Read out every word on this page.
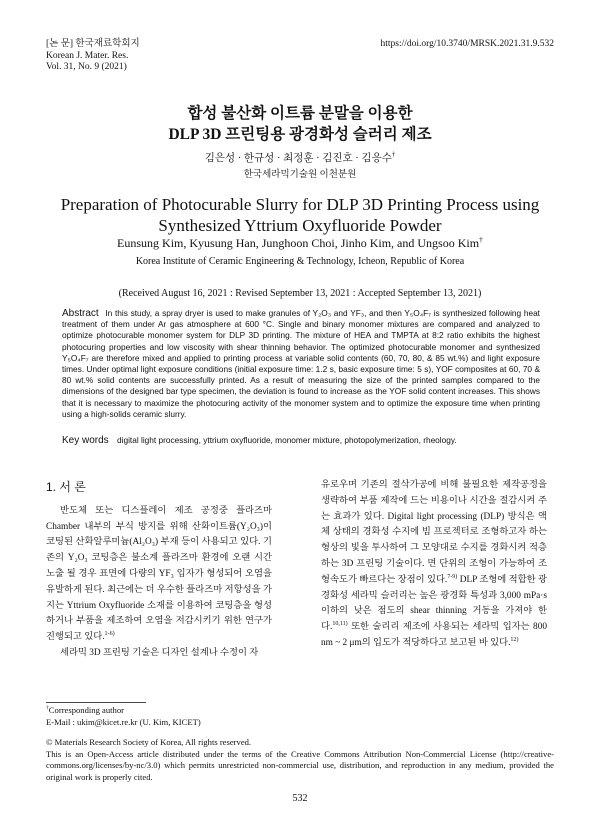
[논 문] 한국재료학회지
Korean J. Mater. Res.
Vol. 31, No. 9 (2021)
https://doi.org/10.3740/MRSK.2021.31.9.532
합성 불산화 이트륨 분말을 이용한
DLP 3D 프린팅용 광경화성 슬러리 제조
김은성 · 한규성 · 최정훈 · 김진호 · 김응수†
한국세라믹기술원 이천분원
Preparation of Photocurable Slurry for DLP 3D Printing Process using
Synthesized Yttrium Oxyfluoride Powder
Eunsung Kim, Kyusung Han, Junghoon Choi, Jinho Kim, and Ungsoo Kim†
Korea Institute of Ceramic Engineering & Technology, Icheon, Republic of Korea
(Received August 16, 2021 : Revised September 13, 2021 : Accepted September 13, 2021)
Abstract In this study, a spray dryer is used to make granules of Y₂O₃ and YF₃, and then Y₅O₄F₇ is synthesized following heat treatment of them under Ar gas atmosphere at 600 °C. Single and binary monomer mixtures are compared and analyzed to optimize photocurable monomer system for DLP 3D printing. The mixture of HEA and TMPTA at 8:2 ratio exhibits the highest photocuring properties and low viscosity with shear thinning behavior. The optimized photocurable monomer and synthesized Y₅O₄F₇ are therefore mixed and applied to printing process at variable solid contents (60, 70, 80, & 85 wt.%) and light exposure times. Under optimal light exposure conditions (initial exposure time: 1.2 s, basic exposure time: 5 s), YOF composites at 60, 70 & 80 wt.% solid contents are successfully printed. As a result of measuring the size of the printed samples compared to the dimensions of the designed bar type specimen, the deviation is found to increase as the YOF solid content increases. This shows that it is necessary to maximize the photocuring activity of the monomer system and to optimize the exposure time when printing using a high-solids ceramic slurry.
Key words digital light processing, yttrium oxyfluoride, monomer mixture, photopolymerization, rheology.
1. 서 론

반도체 또는 디스플레이 제조 공정중 플라즈마 Chamber 내부의 부식 방지를 위해 산화이트륨(Y₂O₃)이 코팅된 산화알루미늄(Al₂O₃) 부재 등이 사용되고 있다. 기존의 Y₂O₃ 코팅층은 불소계 플라즈마 환경에 오랜 시간 노출 될 경우 표면에 다량의 YF₃ 입자가 형성되어 오염을 유발하게 된다. 최근에는 더 우수한 플라즈마 저항성을 가지는 Yttrium Oxyfluoride 소재를 이용하여 코팅층을 형성하거나 부품을 제조하여 오염을 저감시키기 위한 연구가 진행되고 있다.$^{1-6)}$

세라믹 3D 프린팅 기술은 디자인 설계나 수정이 자

유로우며 기존의 절삭가공에 비해 불필요한 제작공정을 생략하여 부품 제작에 드는 비용이나 시간을 절감시켜 주는 효과가 있다. Digital light processing (DLP) 방식은 액체 상태의 경화성 수지에 빔 프로젝터로 조형하고자 하는 형상의 빛을 투사하여 그 모양대로 수지를 경화시켜 적층하는 3D 프린팅 기술이다. 면 단위의 조형이 가능하여 조형속도가 빠르다는 장점이 있다.$^{7-9)}$ DLP 조형에 적합한 광경화성 세라믹 슬러리는 높은 광경화 특성과 3,000 mPa·s 이하의 낮은 점도의 shear thinning 거동을 가져야 한다.$^{10,11)}$ 또한 술리리 제조에 사용되는 세라믹 입자는 800 nm ~ 2 μm의 입도가 적당하다고 보고된 바 있다.$^{12)}$

†Corresponding author
E-Mail : ukim@kicet.re.kr (U. Kim, KICET)
© Materials Research Society of Korea, All rights reserved.
This is an Open-Access article distributed under the terms of the Creative Commons Attribution Non-Commercial License (http://creative-commons.org/licenses/by-nc/3.0) which permits unrestricted non-commercial use, distribution, and reproduction in any medium, provided the original work is properly cited.
532
